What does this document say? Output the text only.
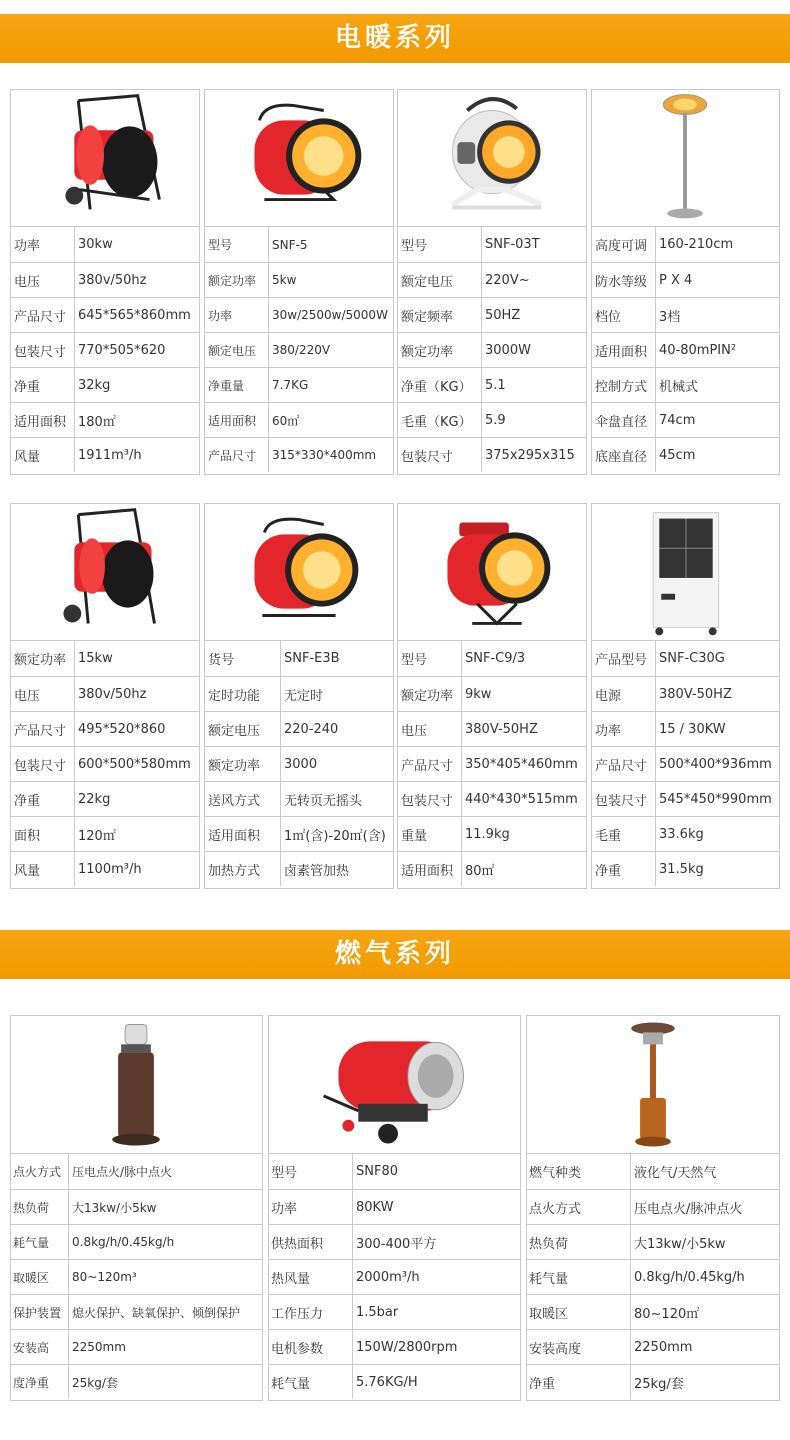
电暖系列
燃气系列
功率	30kw
电压	380v/50hz
产品尺寸 645*565*860mm
包装尺寸 770*505*620
净重	32kg
适用面积 180㎡
风量	1911m³/h
型号	SNF-5
额定功率	5kw
功率	30w/2500w/5000W
额定电压	380/220V
净重量	7.7KG
适用面积	60㎡
产品尺寸	315*330*400mm
型号	SNF-03T
额定电压	220V~
额定频率	50HZ
额定功率	3000W
净重（KG）	5.1
毛重（KG）	5.9
包装尺寸	375x295x315
高度可调 160-210cm
防水等级 P X 4
档位	3档
适用面积 40-80mPIN²
控制方式 机械式
伞盘直径 74cm
底座直径 45cm
额定功率 15kw
电压	380v/50hz
产品尺寸 495*520*860
包装尺寸 600*500*580mm
净重	22kg
面积	120㎡
风量	1100m³/h
货号	SNF-E3B
定时功能	无定时
额定电压	220-240
额定功率	3000
送风方式	无转页无摇头
适用面积	1㎡(含)-20㎡(含)
加热方式	卤素管加热
型号	SNF-C9/3
额定功率 9kw
电压	380V-50HZ
产品尺寸 350*405*460mm
包装尺寸 440*430*515mm
重量	11.9kg
适用面积 80㎡
产品型号 SNF-C30G
电源	380V-50HZ
功率	15 / 30KW
产品尺寸 500*400*936mm
包装尺寸 545*450*990mm
毛重	33.6kg
净重	31.5kg
点火方式 压电点火/脉中点火
热负荷	大13kw/小5kw
耗气量	0.8kg/h/0.45kg/h
取暖区	80~120m³
保护装置 熄火保护、缺氧保护、倾倒保护
安装高	2250mm
度净重	25kg/套
型号	SNF80
功率	80KW
供热面积	300-400平方
热风量	2000m³/h
工作压力	1.5bar
电机参数	150W/2800rpm
耗气量	5.76KG/H
燃气种类	液化气/天然气
点火方式	压电点火/脉冲点火
热负荷	大13kw/小5kw
耗气量	0.8kg/h/0.45kg/h
取暖区	80~120㎡
安装高度	2250mm
净重	25kg/套
